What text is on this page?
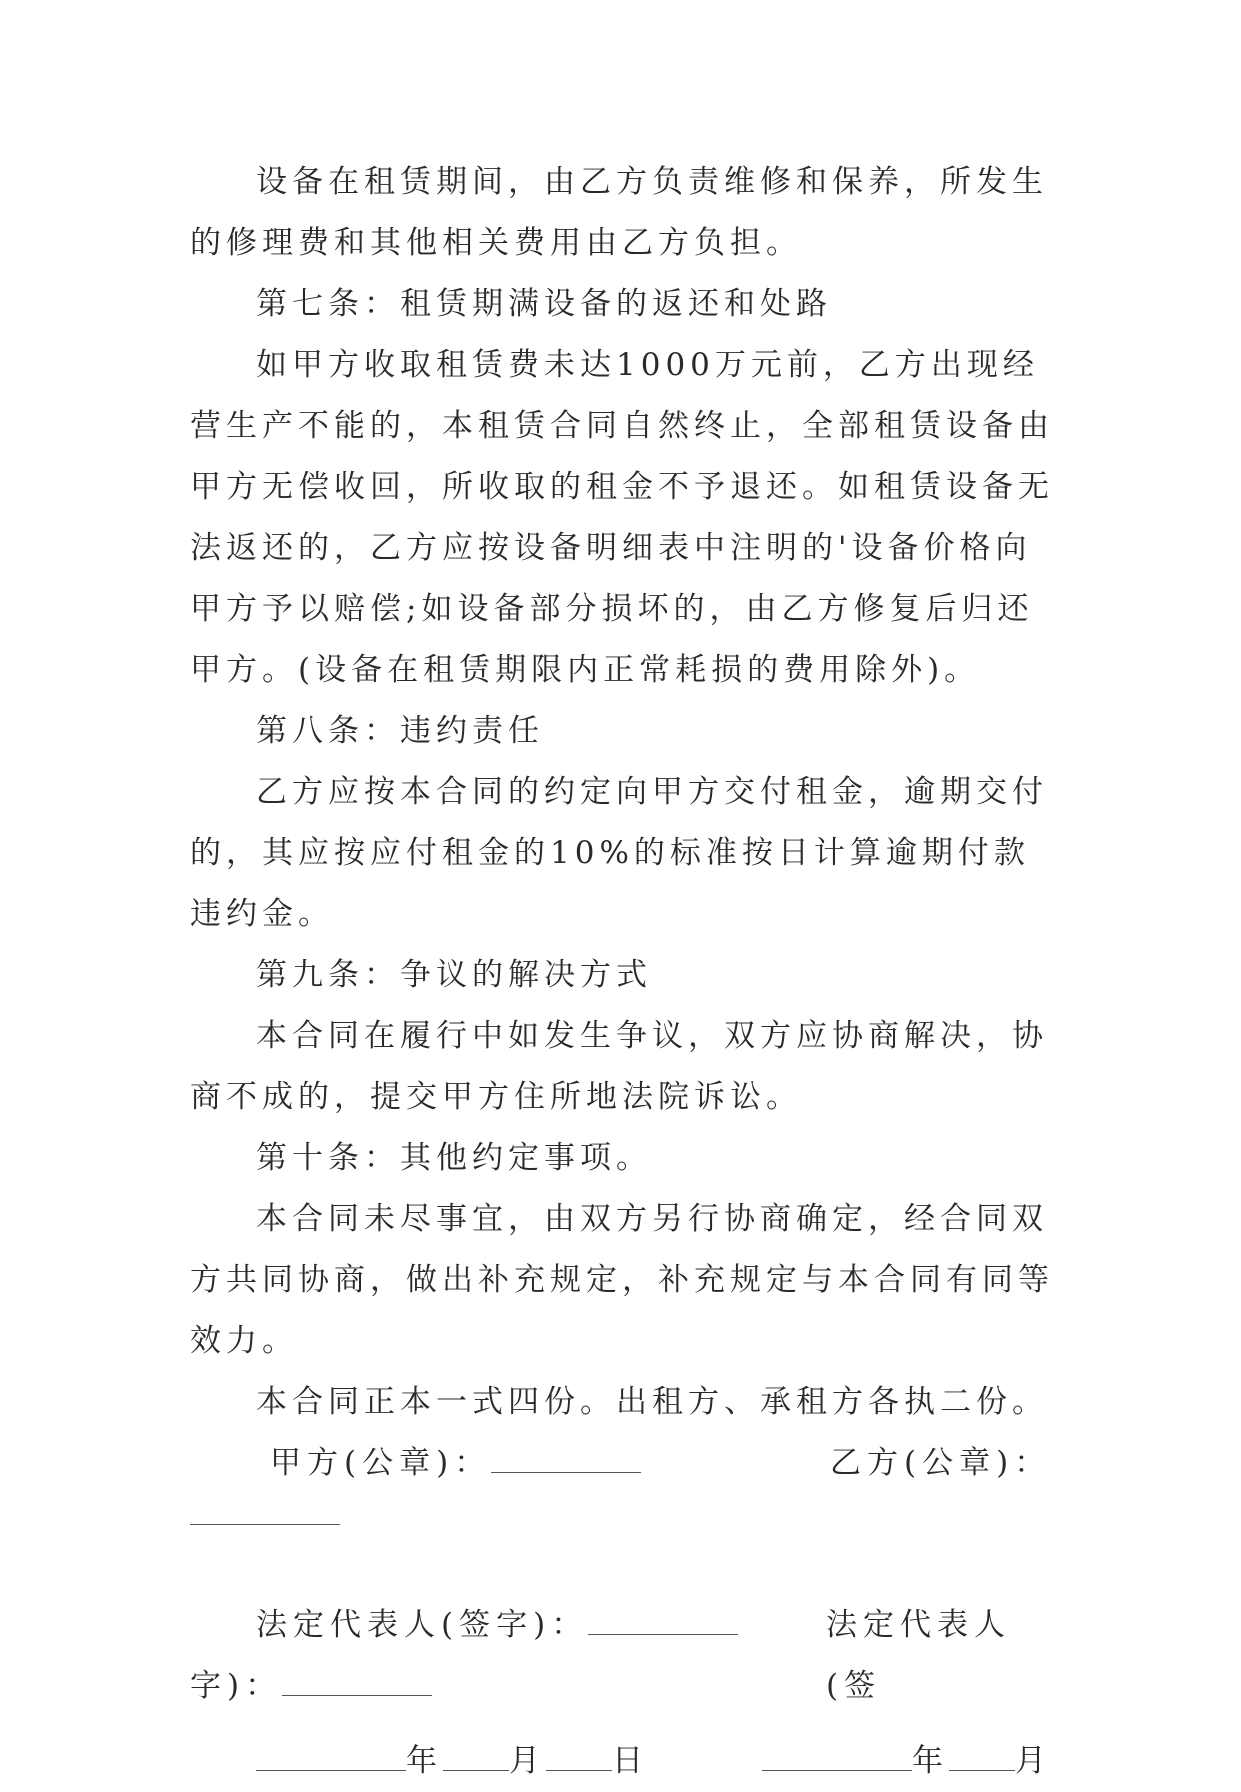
设备在租赁期间，由乙方负责维修和保养，所发生的修理费和其他相关费用由乙方负担。

第七条：租赁期满设备的返还和处路

如甲方收取租赁费未达1000万元前，乙方出现经营生产不能的，本租赁合同自然终止，全部租赁设备由甲方无偿收回，所收取的租金不予退还。如租赁设备无法返还的，乙方应按设备明细表中注明的'设备价格向甲方予以赔偿;如设备部分损坏的，由乙方修复后归还甲方。(设备在租赁期限内正常耗损的费用除外)。

第八条：违约责任

乙方应按本合同的约定向甲方交付租金，逾期交付的，其应按应付租金的10%的标准按日计算逾期付款违约金。

第九条：争议的解决方式

本合同在履行中如发生争议，双方应协商解决，协商不成的，提交甲方住所地法院诉讼。

第十条：其他约定事项。

本合同未尽事宜，由双方另行协商确定，经合同双方共同协商，做出补充规定，补充规定与本合同有同等效力。

本合同正本一式四份。出租方、承租方各执二份。

甲方(公章)：	乙方(公章)：
法定代表人(签字)：	法定代表人(签
字)：
年 月 日	年 月
